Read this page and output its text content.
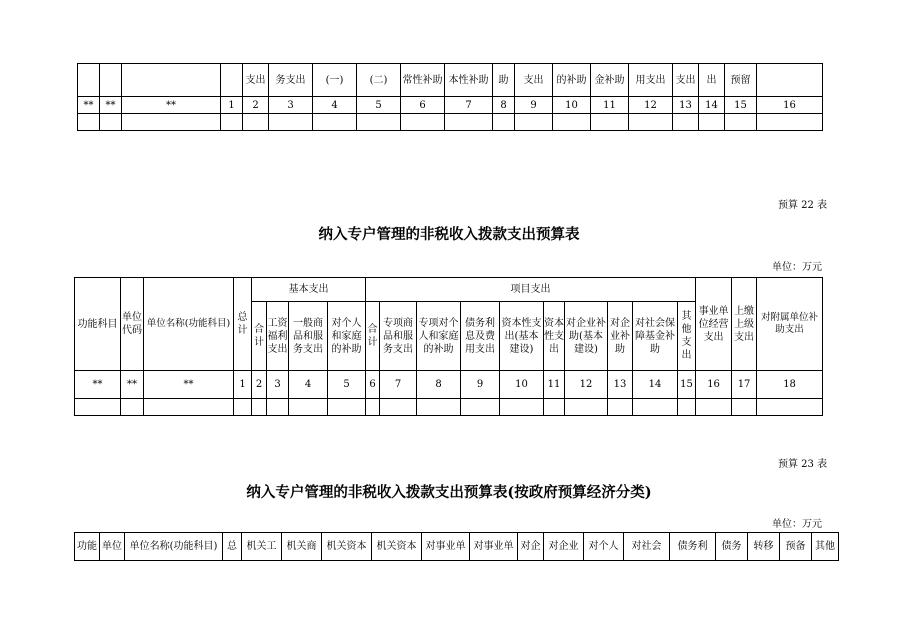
				支出	务支出	(一)	(二)	常性补助	本性补助	助	支出	的补助	金补助	用支出	支出	出	预留	
**	**	**	1	2	3	4	5	6	7	8	9	10	11	12	13	14	15	16

预算 22 表
纳入专户管理的非税收入拨款支出预算表
单位：万元
功能科目	单位代码	单位名称(功能科目)	总计	基本支出				项目支出										事业单位经营支出	上缴上级支出	对附属单位补助支出
				合计	工资福利支出	一般商品和服务支出	对个人和家庭的补助	合计	专项商品和服务支出	专项对个人和家庭的补助	债务利息及费用支出	资本性支出(基本建设)	资本性支出	对企业补助(基本建设)	对企业补助	对社会保障基金补助	其他支出			
**	**	**	1	2	3	4	5	6	7	8	9	10	11	12	13	14	15	16	17	18

预算 23 表
纳入专户管理的非税收入拨款支出预算表(按政府预算经济分类)
单位：万元
功能	单位	单位名称(功能科目)	总	机关工	机关商	机关资本	机关资本	对事业单	对事业单	对企	对企业	对个人	对社会	债务利	债务	转移	预备	其他
